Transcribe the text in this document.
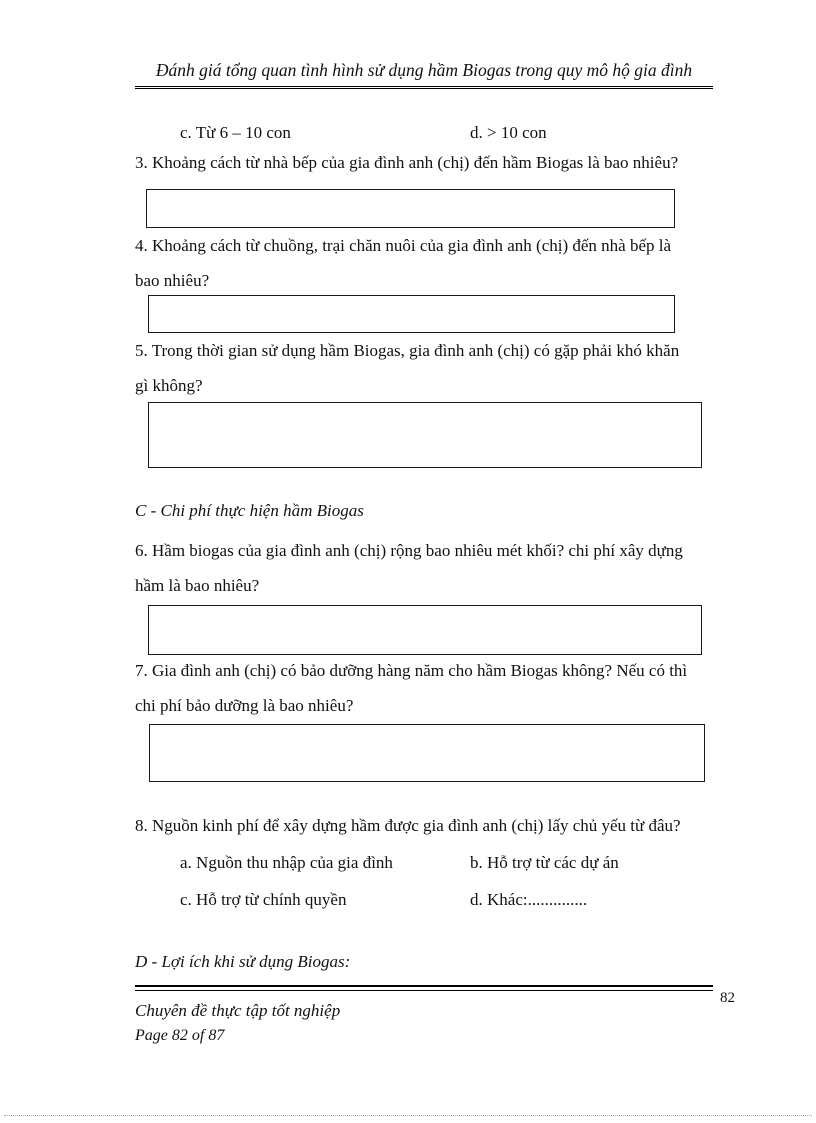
Đánh giá tổng quan tình hình sử dụng hầm Biogas trong quy mô hộ gia đình
c. Từ 6 – 10 con	d. > 10 con
3. Khoảng cách từ nhà bếp của gia đình anh (chị) đến hầm Biogas là bao nhiêu?
4. Khoảng cách từ chuồng, trại chăn nuôi của gia đình anh (chị) đến nhà bếp là
bao nhiêu?
5. Trong thời gian sử dụng hầm Biogas, gia đình anh (chị) có gặp phải khó khăn
gì không?
C - Chi phí thực hiện hầm Biogas
6. Hầm biogas của gia đình anh (chị) rộng bao nhiêu mét khối? chi phí xây dựng
hầm là bao nhiêu?
7. Gia đình anh (chị) có bảo dưỡng hàng năm cho hầm Biogas không? Nếu có thì
chi phí bảo dưỡng là bao nhiêu?
8. Nguồn kinh phí để xây dựng hầm được gia đình anh (chị) lấy chủ yếu từ đâu?
a. Nguồn thu nhập của gia đình	b. Hỗ trợ từ các dự án
c. Hỗ trợ từ chính quyền	d. Khác:..............
D - Lợi ích khi sử dụng Biogas:
82
Chuyên đề thực tập tốt nghiệp
Page 82 of 87
